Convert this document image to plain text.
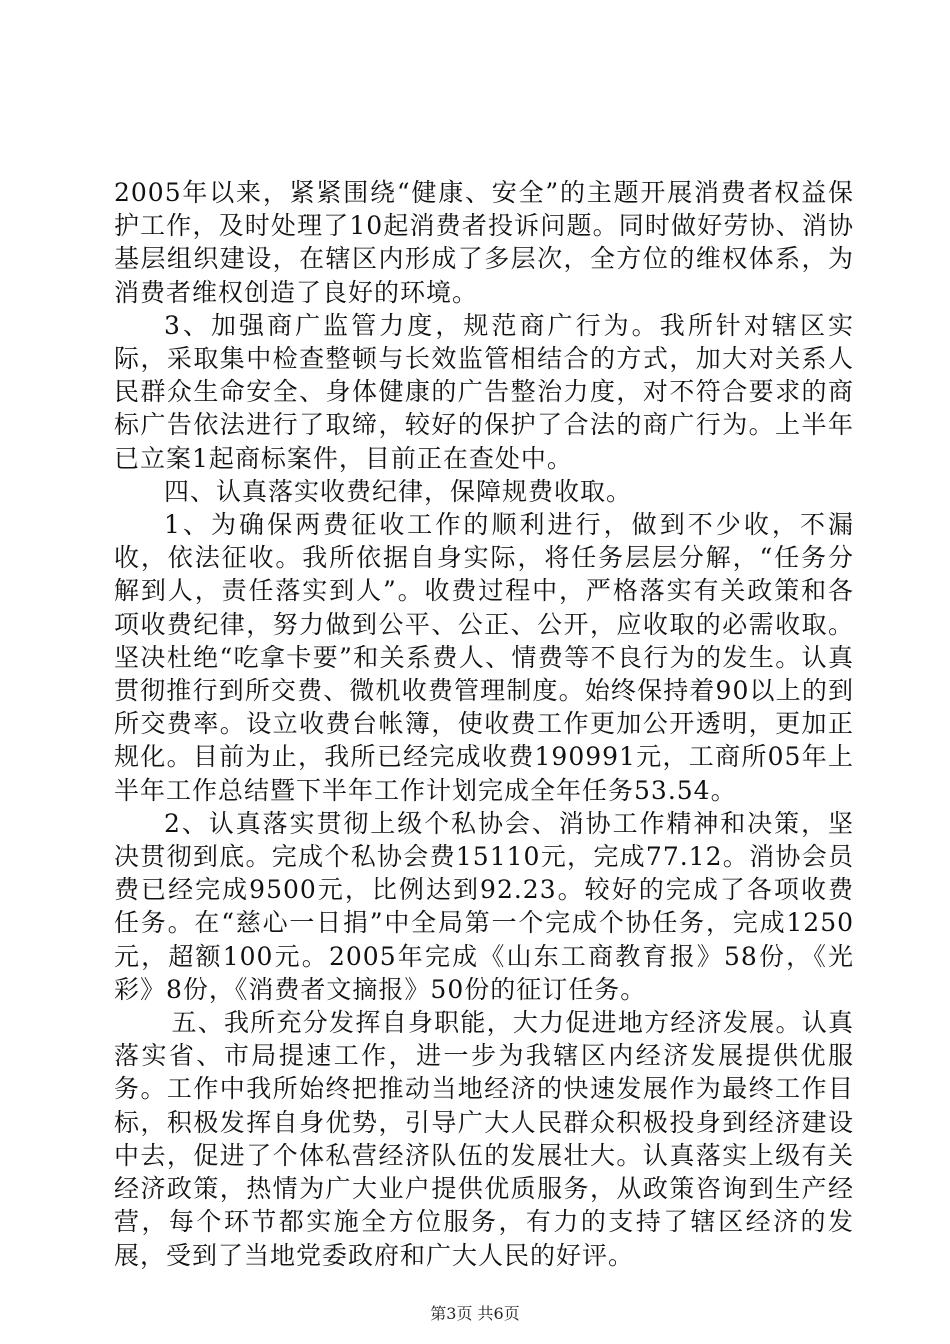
2005年以来，紧紧围绕“健康、安全”的主题开展消费者权益保护工作，及时处理了10起消费者投诉问题。同时做好劳协、消协基层组织建设，在辖区内形成了多层次，全方位的维权体系，为消费者维权创造了良好的环境。

3、加强商广监管力度，规范商广行为。我所针对辖区实际，采取集中检查整顿与长效监管相结合的方式，加大对关系人民群众生命安全、身体健康的广告整治力度，对不符合要求的商标广告依法进行了取缔，较好的保护了合法的商广行为。上半年已立案1起商标案件，目前正在查处中。

四、认真落实收费纪律，保障规费收取。

1、为确保两费征收工作的顺利进行，做到不少收，不漏收，依法征收。我所依据自身实际，将任务层层分解，“任务分解到人，责任落实到人”。收费过程中，严格落实有关政策和各项收费纪律，努力做到公平、公正、公开，应收取的必需收取。坚决杜绝“吃拿卡要”和关系费人、情费等不良行为的发生。认真贯彻推行到所交费、微机收费管理制度。始终保持着90以上的到所交费率。设立收费台帐簿，使收费工作更加公开透明，更加正规化。目前为止，我所已经完成收费190991元，工商所05年上半年工作总结暨下半年工作计划完成全年任务53.54。

2、认真落实贯彻上级个私协会、消协工作精神和决策，坚决贯彻到底。完成个私协会费15110元，完成77.12。消协会员费已经完成9500元，比例达到92.23。较好的完成了各项收费任务。在“慈心一日捐”中全局第一个完成个协任务，完成1250元，超额100元。2005年完成《山东工商教育报》58份，《光彩》8份，《消费者文摘报》50份的征订任务。

五、我所充分发挥自身职能，大力促进地方经济发展。认真落实省、市局提速工作，进一步为我辖区内经济发展提供优服务。工作中我所始终把推动当地经济的快速发展作为最终工作目标，积极发挥自身优势，引导广大人民群众积极投身到经济建设中去，促进了个体私营经济队伍的发展壮大。认真落实上级有关经济政策，热情为广大业户提供优质服务，从政策咨询到生产经营，每个环节都实施全方位服务，有力的支持了辖区经济的发展，受到了当地党委政府和广大人民的好评。

第3页 共6页
